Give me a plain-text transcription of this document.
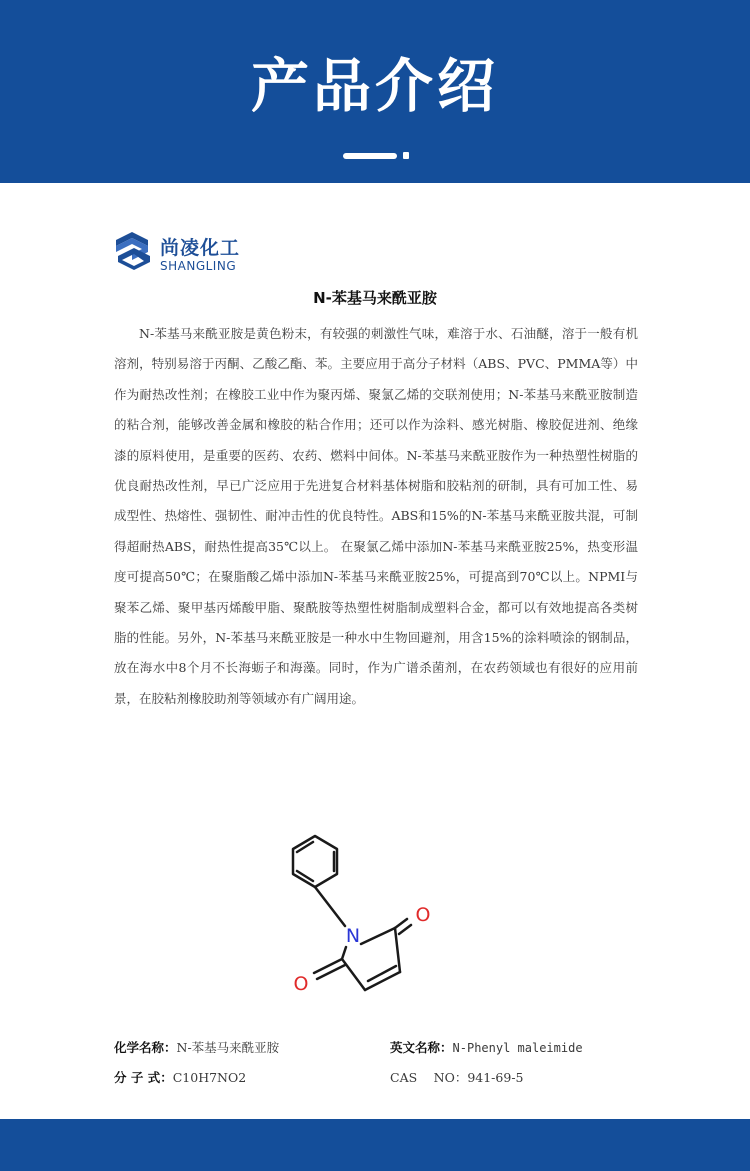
产品介绍
尚凌化工
SHANGLING
N-苯基马来酰亚胺

N-苯基马来酰亚胺是黄色粉末，有较强的刺激性气味，难溶于水、石油醚，溶于一般有机溶剂，特别易溶于丙酮、乙酸乙酯、苯。主要应用于高分子材料（ABS、PVC、PMMA等）中作为耐热改性剂；在橡胶工业中作为聚丙烯、聚氯乙烯的交联剂使用；N-苯基马来酰亚胺制造的粘合剂，能够改善金属和橡胶的粘合作用；还可以作为涂料、感光树脂、橡胶促进剂、绝缘漆的原料使用，是重要的医药、农药、燃料中间体。N-苯基马来酰亚胺作为一种热塑性树脂的优良耐热改性剂，早已广泛应用于先进复合材料基体树脂和胶粘剂的研制，具有可加工性、易成型性、热熔性、强韧性、耐冲击性的优良特性。ABS和15%的N-苯基马来酰亚胺共混，可制得超耐热ABS，耐热性提高35℃以上。 在聚氯乙烯中添加N-苯基马来酰亚胺25%，热变形温度可提高50℃；在聚脂酸乙烯中添加N-苯基马来酰亚胺25%，可提高到70℃以上。NPMI与聚苯乙烯、聚甲基丙烯酸甲脂、聚酰胺等热塑性树脂制成塑料合金，都可以有效地提高各类树脂的性能。另外，N-苯基马来酰亚胺是一种水中生物回避剂，用含15%的涂料喷涂的钢制品，放在海水中8个月不长海蛎子和海藻。同时，作为广谱杀菌剂，在农药领域也有很好的应用前景，在胶粘剂橡胶助剂等领域亦有广阔用途。

N
O
O
化学名称：N-苯基马来酰亚胺	英文名称：N-Phenyl maleimide
分 子 式：C10H7NO2	CAS　 NO：941-69-5
